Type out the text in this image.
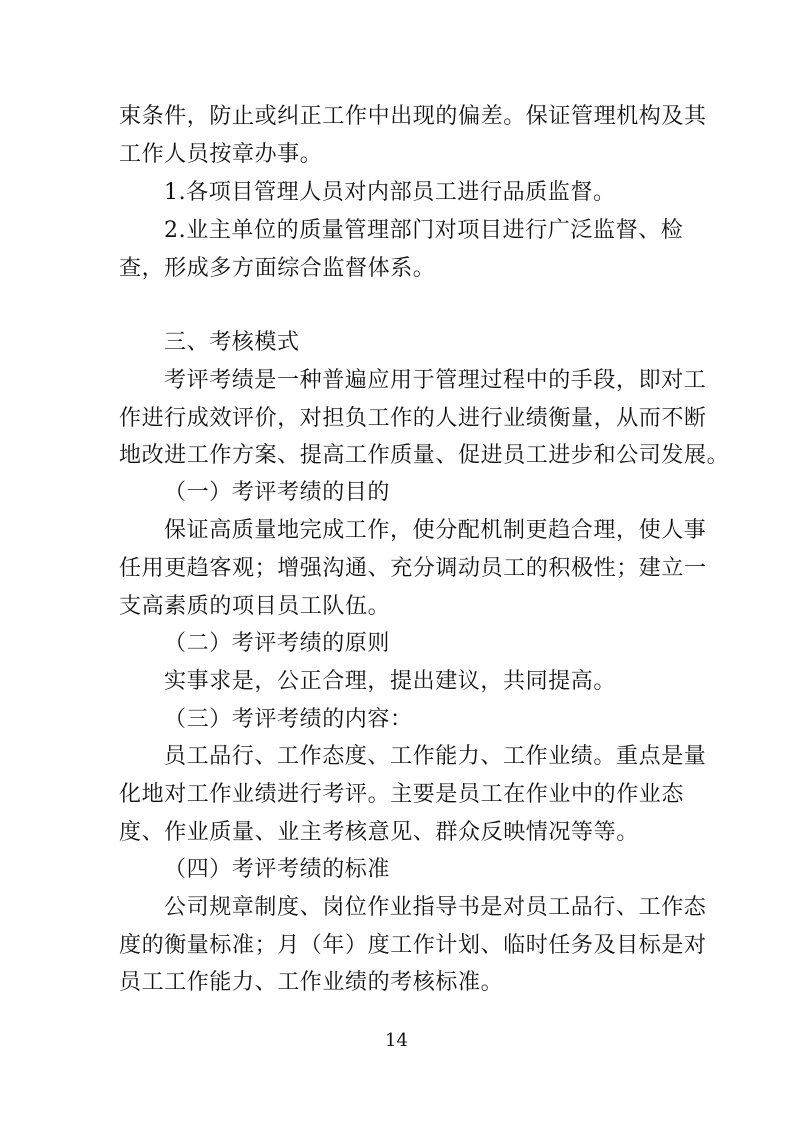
束条件，防止或纠正工作中出现的偏差。保证管理机构及其
工作人员按章办事。
1.各项目管理人员对内部员工进行品质监督。
2.业主单位的质量管理部门对项目进行广泛监督、检
查，形成多方面综合监督体系。
三、考核模式
考评考绩是一种普遍应用于管理过程中的手段，即对工
作进行成效评价，对担负工作的人进行业绩衡量，从而不断
地改进工作方案、提高工作质量、促进员工进步和公司发展。
（一）考评考绩的目的
保证高质量地完成工作，使分配机制更趋合理，使人事
任用更趋客观；增强沟通、充分调动员工的积极性；建立一
支高素质的项目员工队伍。
（二）考评考绩的原则
实事求是，公正合理，提出建议，共同提高。
（三）考评考绩的内容：
员工品行、工作态度、工作能力、工作业绩。重点是量
化地对工作业绩进行考评。主要是员工在作业中的作业态
度、作业质量、业主考核意见、群众反映情况等等。
（四）考评考绩的标准
公司规章制度、岗位作业指导书是对员工品行、工作态
度的衡量标准；月（年）度工作计划、临时任务及目标是对
员工工作能力、工作业绩的考核标准。
14
